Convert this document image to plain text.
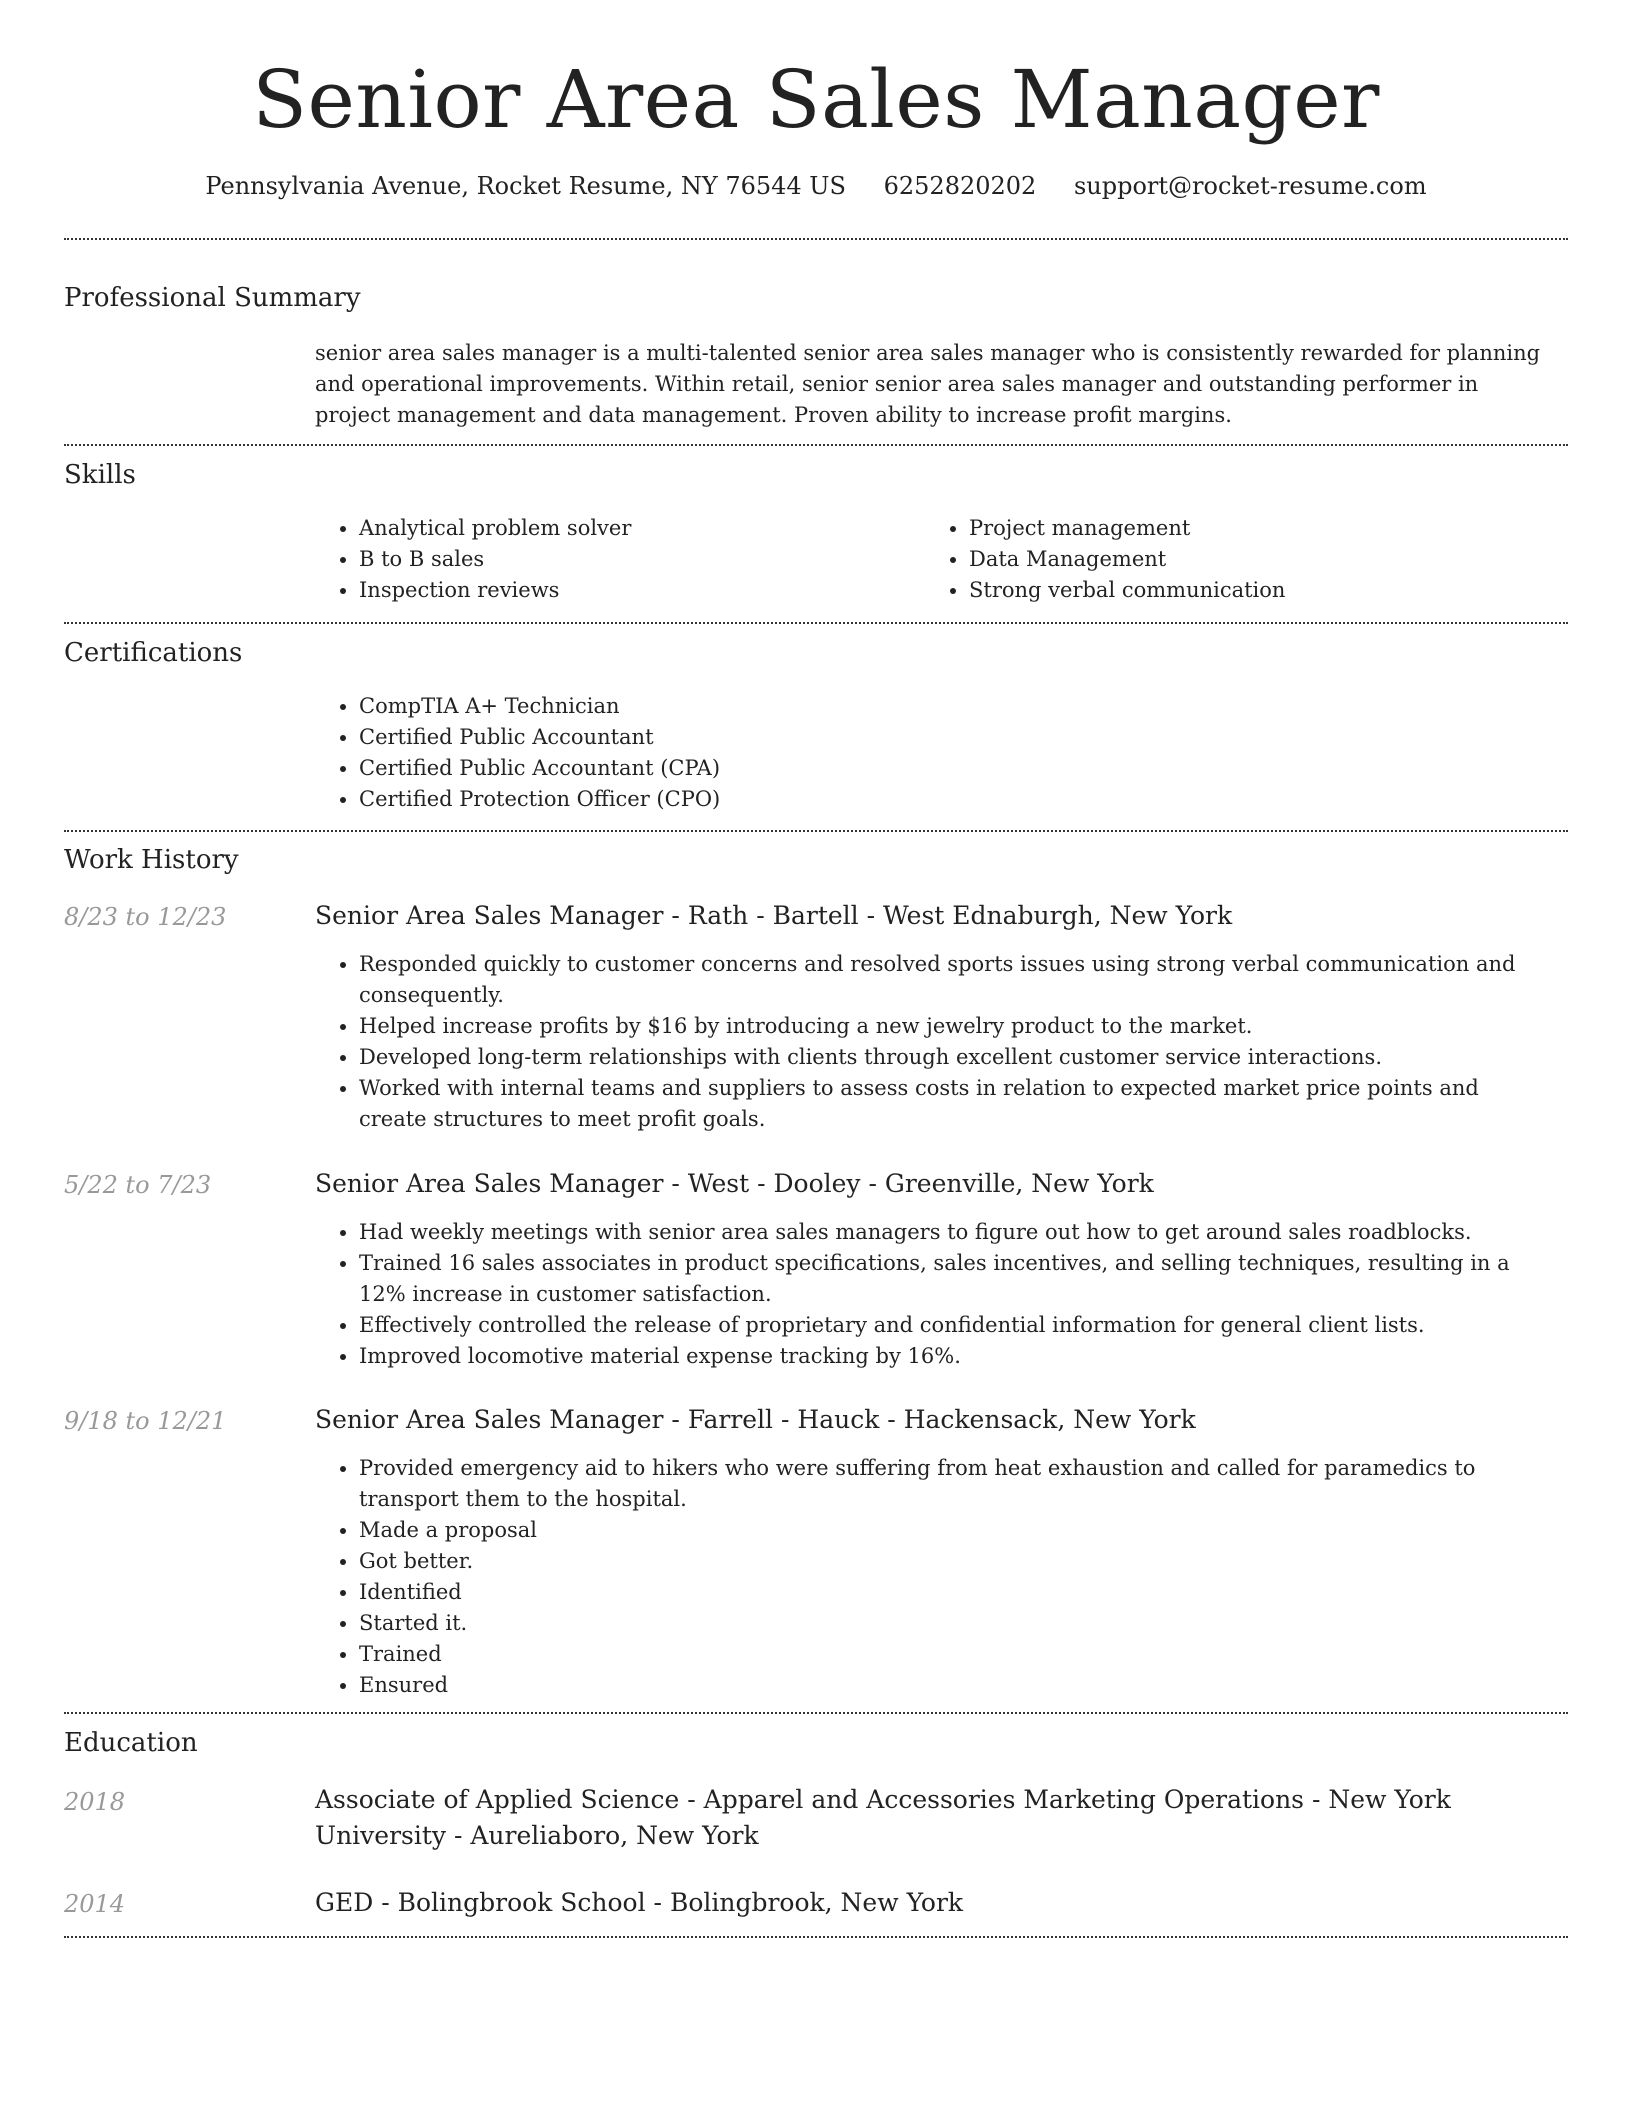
Senior Area Sales Manager
Pennsylvania Avenue, Rocket Resume, NY 76544 US 6252820202 support@rocket-resume.com
Professional Summary
senior area sales manager is a multi-talented senior area sales manager who is consistently rewarded for planning and operational improvements. Within retail, senior senior area sales manager and outstanding performer in project management and data management. Proven ability to increase profit margins.
Skills
• Analytical problem solver
• B to B sales
• Inspection reviews
• Project management
• Data Management
• Strong verbal communication
Certifications
• CompTIA A+ Technician
• Certified Public Accountant
• Certified Public Accountant (CPA)
• Certified Protection Officer (CPO)
Work History
8/23 to 12/23	Senior Area Sales Manager - Rath - Bartell - West Ednaburgh, New York
• Responded quickly to customer concerns and resolved sports issues using strong verbal communication and consequently.
• Helped increase profits by $16 by introducing a new jewelry product to the market.
• Developed long-term relationships with clients through excellent customer service interactions.
• Worked with internal teams and suppliers to assess costs in relation to expected market price points and create structures to meet profit goals.
5/22 to 7/23	Senior Area Sales Manager - West - Dooley - Greenville, New York
• Had weekly meetings with senior area sales managers to figure out how to get around sales roadblocks.
• Trained 16 sales associates in product specifications, sales incentives, and selling techniques, resulting in a 12% increase in customer satisfaction.
• Effectively controlled the release of proprietary and confidential information for general client lists.
• Improved locomotive material expense tracking by 16%.
9/18 to 12/21	Senior Area Sales Manager - Farrell - Hauck - Hackensack, New York
• Provided emergency aid to hikers who were suffering from heat exhaustion and called for paramedics to transport them to the hospital.
• Made a proposal
• Got better.
• Identified
• Started it.
• Trained
• Ensured
Education
2018	Associate of Applied Science - Apparel and Accessories Marketing Operations - New York University - Aureliaboro, New York
2014	GED - Bolingbrook School - Bolingbrook, New York
